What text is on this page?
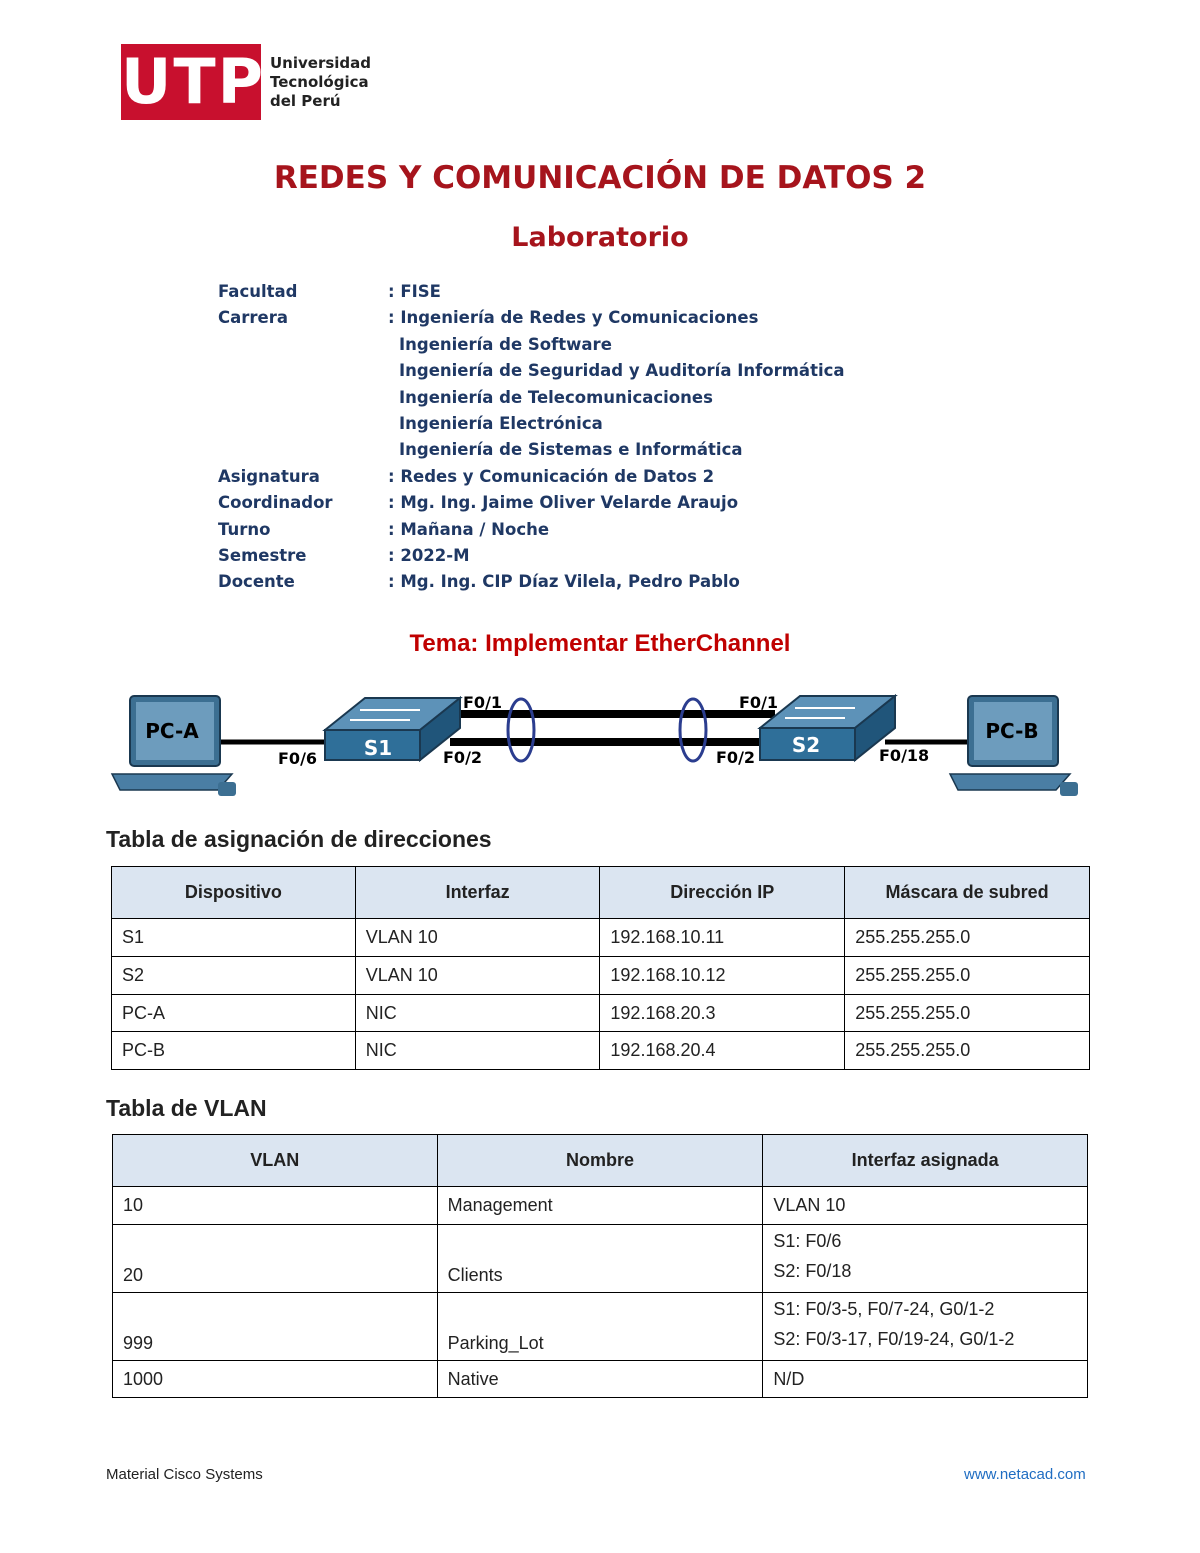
U T P Universidad
Tecnológica
del Perú
REDES Y COMUNICACIÓN DE DATOS 2
Laboratorio
Facultad	: FISE
Carrera	: Ingeniería de Redes y Comunicaciones
Ingeniería de Software
Ingeniería de Seguridad y Auditoría Informática
Ingeniería de Telecomunicaciones
Ingeniería Electrónica
Ingeniería de Sistemas e Informática
Asignatura	: Redes y Comunicación de Datos 2
Coordinador	: Mg. Ing. Jaime Oliver Velarde Araujo
Turno	: Mañana / Noche
Semestre	: 2022-M
Docente	: Mg. Ing. CIP Díaz Vilela, Pedro Pablo
Tema: Implementar EtherChannel
PC-A
S1	S2
PC-B
F0/1
F0/2
F0/6
F0/1
F0/2	F0/18
Tabla de asignación de direcciones
Dispositivo	Interfaz	Dirección IP	Máscara de subred
S1	VLAN 10	192.168.10.11	255.255.255.0
S2	VLAN 10	192.168.10.12	255.255.255.0
PC-A	NIC	192.168.20.3	255.255.255.0
PC-B	NIC	192.168.20.4	255.255.255.0
Tabla de VLAN
VLAN	Nombre	Interfaz asignada
10	Management	VLAN 10
20	Clients	S1: F0/6
S2: F0/18

999	Parking_Lot	S1: F0/3-5, F0/7-24, G0/1-2
S2: F0/3-17, F0/19-24, G0/1-2

1000	Native	N/D
Material Cisco Systems	www.netacad.com
